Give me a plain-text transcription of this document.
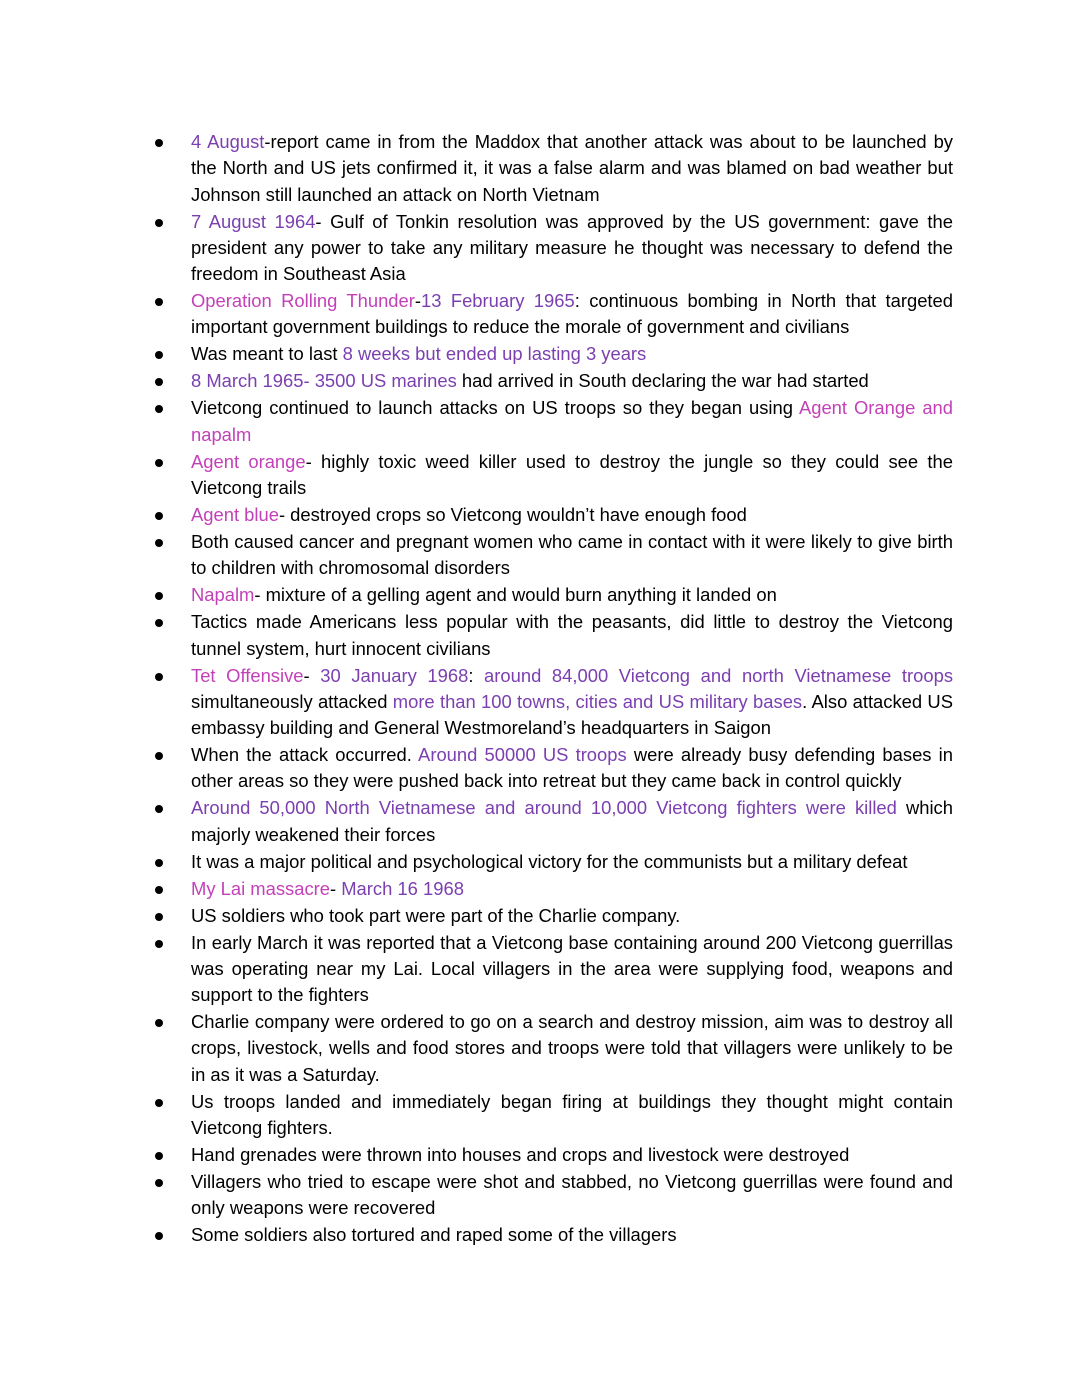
4 August-report came in from the Maddox that another attack was about to be launched by the North and US jets confirmed it, it was a false alarm and was blamed on bad weather but Johnson still launched an attack on North Vietnam
7 August 1964- Gulf of Tonkin resolution was approved by the US government: gave the president any power to take any military measure he thought was necessary to defend the freedom in Southeast Asia
Operation Rolling Thunder-13 February 1965: continuous bombing in North that targeted important government buildings to reduce the morale of government and civilians
Was meant to last 8 weeks but ended up lasting 3 years
8 March 1965- 3500 US marines had arrived in South declaring the war had started
Vietcong continued to launch attacks on US troops so they began using Agent Orange and napalm
Agent orange- highly toxic weed killer used to destroy the jungle so they could see the Vietcong trails
Agent blue- destroyed crops so Vietcong wouldn’t have enough food
Both caused cancer and pregnant women who came in contact with it were likely to give birth to children with chromosomal disorders
Napalm- mixture of a gelling agent and would burn anything it landed on
Tactics made Americans less popular with the peasants, did little to destroy the Vietcong tunnel system, hurt innocent civilians
Tet Offensive- 30 January 1968: around 84,000 Vietcong and north Vietnamese troops simultaneously attacked more than 100 towns, cities and US military bases. Also attacked US embassy building and General Westmoreland’s headquarters in Saigon
When the attack occurred. Around 50000 US troops were already busy defending bases in other areas so they were pushed back into retreat but they came back in control quickly
Around 50,000 North Vietnamese and around 10,000 Vietcong fighters were killed which majorly weakened their forces
It was a major political and psychological victory for the communists but a military defeat
My Lai massacre- March 16 1968
US soldiers who took part were part of the Charlie company.
In early March it was reported that a Vietcong base containing around 200 Vietcong guerrillas was operating near my Lai. Local villagers in the area were supplying food, weapons and support to the fighters
Charlie company were ordered to go on a search and destroy mission, aim was to destroy all crops, livestock, wells and food stores and troops were told that villagers were unlikely to be in as it was a Saturday.
Us troops landed and immediately began firing at buildings they thought might contain Vietcong fighters.
Hand grenades were thrown into houses and crops and livestock were destroyed
Villagers who tried to escape were shot and stabbed, no Vietcong guerrillas were found and only weapons were recovered
Some soldiers also tortured and raped some of the villagers
